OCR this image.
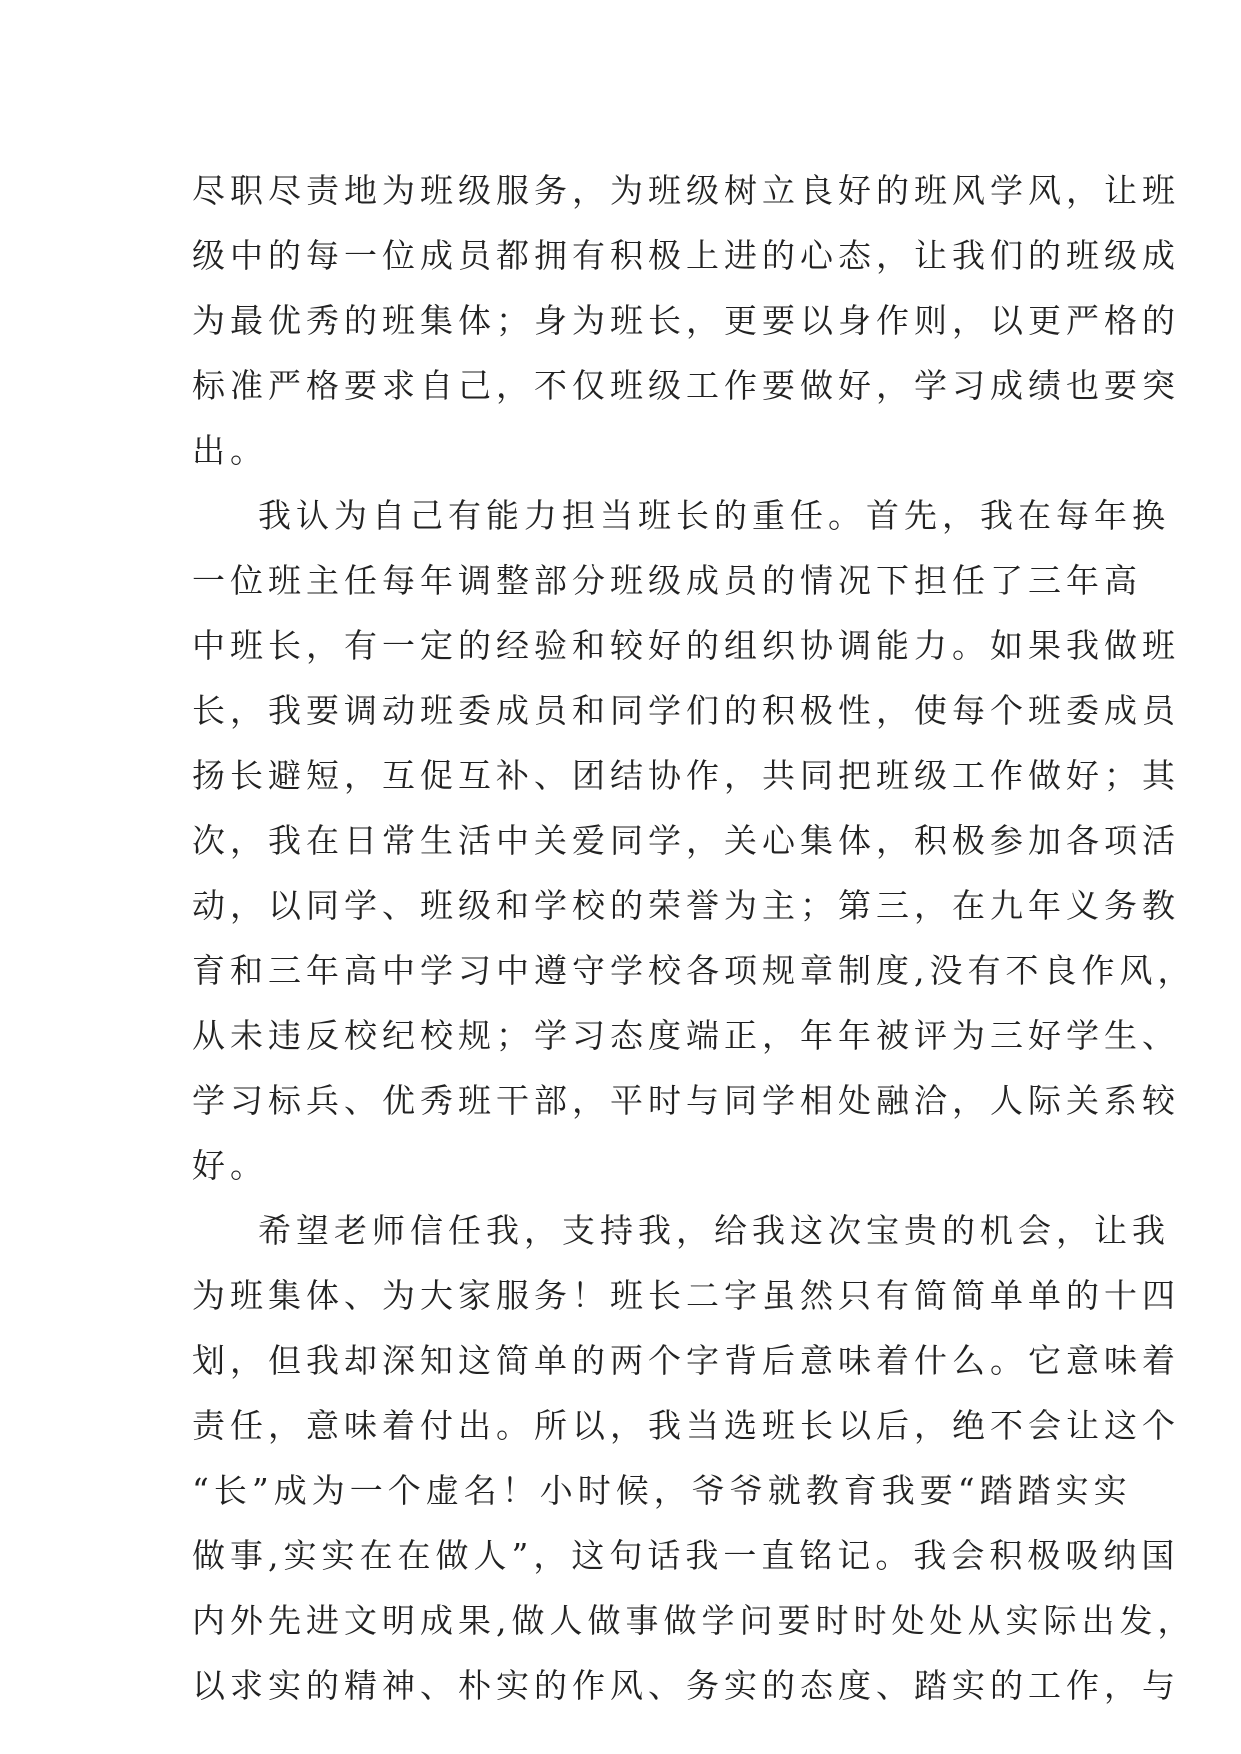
尽职尽责地为班级服务，为班级树立良好的班风学风，让班
级中的每一位成员都拥有积极上进的心态，让我们的班级成
为最优秀的班集体；身为班长，更要以身作则，以更严格的
标准严格要求自己，不仅班级工作要做好，学习成绩也要突
出。
我认为自己有能力担当班长的重任。首先，我在每年换
一位班主任每年调整部分班级成员的情况下担任了三年高
中班长，有一定的经验和较好的组织协调能力。如果我做班
长，我要调动班委成员和同学们的积极性，使每个班委成员
扬长避短，互促互补、团结协作，共同把班级工作做好；其
次，我在日常生活中关爱同学，关心集体，积极参加各项活
动，以同学、班级和学校的荣誉为主；第三，在九年义务教
育和三年高中学习中遵守学校各项规章制度,没有不良作风，
从未违反校纪校规；学习态度端正，年年被评为三好学生、
学习标兵、优秀班干部，平时与同学相处融洽，人际关系较
好。
希望老师信任我，支持我，给我这次宝贵的机会，让我
为班集体、为大家服务！班长二字虽然只有简简单单的十四
划，但我却深知这简单的两个字背后意味着什么。它意味着
责任，意味着付出。所以，我当选班长以后，绝不会让这个
“长”成为一个虚名！小时候，爷爷就教育我要“踏踏实实
做事,实实在在做人”，这句话我一直铭记。我会积极吸纳国
内外先进文明成果,做人做事做学问要时时处处从实际出发，
以求实的精神、朴实的作风、务实的态度、踏实的工作，与
